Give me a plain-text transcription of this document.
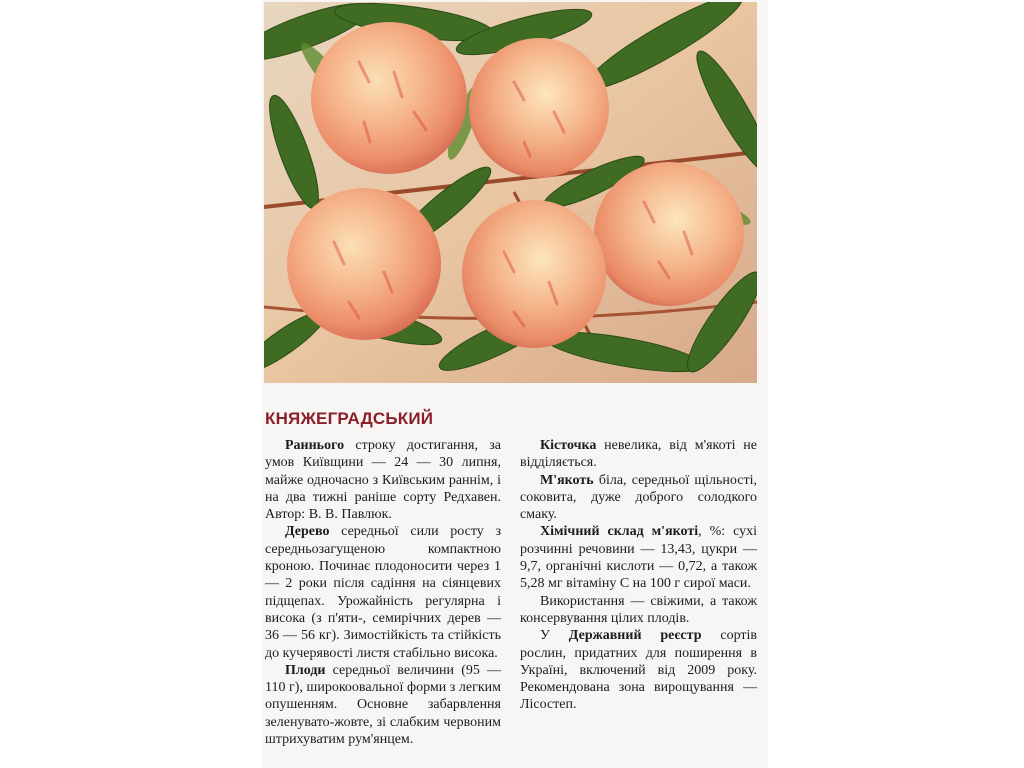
КНЯЖЕГРАДСЬКИЙ

Раннього строку достигання, за умов Київщини — 24 — 30 липня, майже одночасно з Київським раннім, і на два тижні раніше сорту Редхавен. Автор: В. В. Павлюк.

Дерево середньої сили росту з середньозагущеною компактною кроною. Починає плодоносити через 1 — 2 роки після садіння на сіянцевих підщепах. Урожайність регулярна і висока (з п'яти-, семирічних дерев — 36 — 56 кг). Зимостійкість та стійкість до кучерявості листя стабільно висока.

Плоди середньої величини (95 — 110 г), широкоовальної форми з легким опушенням. Основне забарвлення зеленувато-жовте, зі слабким червоним штрихуватим рум'янцем.

Кісточка невелика, від м'якоті не відділяється.

М'якоть біла, середньої щільності, соковита, дуже доброго солодкого смаку.

Хімічний склад м'якоті, %: сухі розчинні речовини — 13,43, цукри — 9,7, органічні кислоти — 0,72, а також 5,28 мг вітаміну С на 100 г сирої маси.

Використання — свіжими, а також консервування цілих плодів.

У Державний реєстр сортів рослин, придатних для поширення в Україні, включений від 2009 року. Рекомендована зона вирощування — Лісостеп.
